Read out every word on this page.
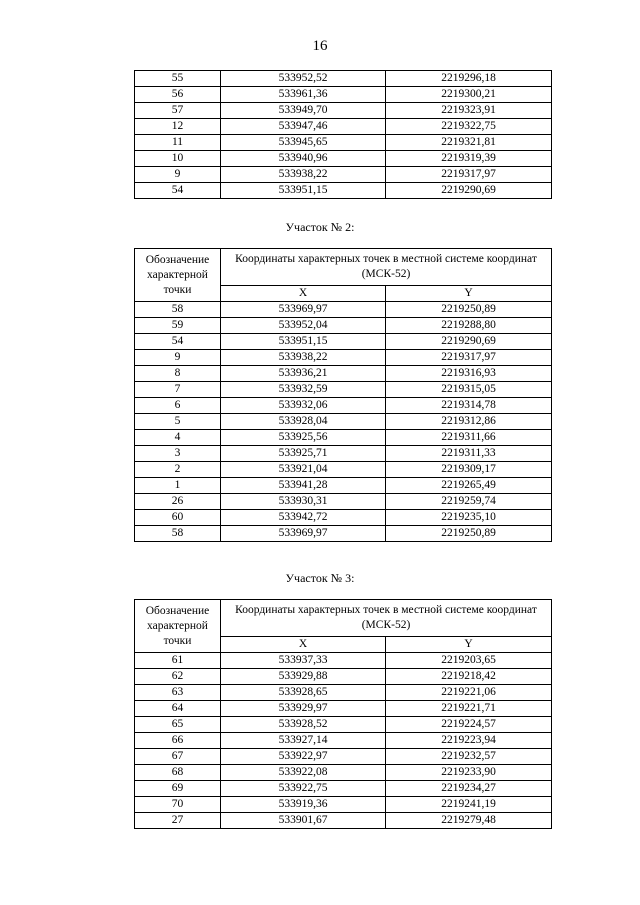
16
55	533952,52	2219296,18
56	533961,36	2219300,21
57	533949,70	2219323,91
12	533947,46	2219322,75
11	533945,65	2219321,81
10	533940,96	2219319,39
9	533938,22	2219317,97
54	533951,15	2219290,69
Участок № 2:
Обозначение характерной точки	Координаты характерных точек в местной системе координат (МСК-52)	
	X	Y
58	533969,97	2219250,89
59	533952,04	2219288,80
54	533951,15	2219290,69
9	533938,22	2219317,97
8	533936,21	2219316,93
7	533932,59	2219315,05
6	533932,06	2219314,78
5	533928,04	2219312,86
4	533925,56	2219311,66
3	533925,71	2219311,33
2	533921,04	2219309,17
1	533941,28	2219265,49
26	533930,31	2219259,74
60	533942,72	2219235,10
58	533969,97	2219250,89
Участок № 3:
Обозначение характерной точки	Координаты характерных точек в местной системе координат (МСК-52)	
	X	Y
61	533937,33	2219203,65
62	533929,88	2219218,42
63	533928,65	2219221,06
64	533929,97	2219221,71
65	533928,52	2219224,57
66	533927,14	2219223,94
67	533922,97	2219232,57
68	533922,08	2219233,90
69	533922,75	2219234,27
70	533919,36	2219241,19
27	533901,67	2219279,48
